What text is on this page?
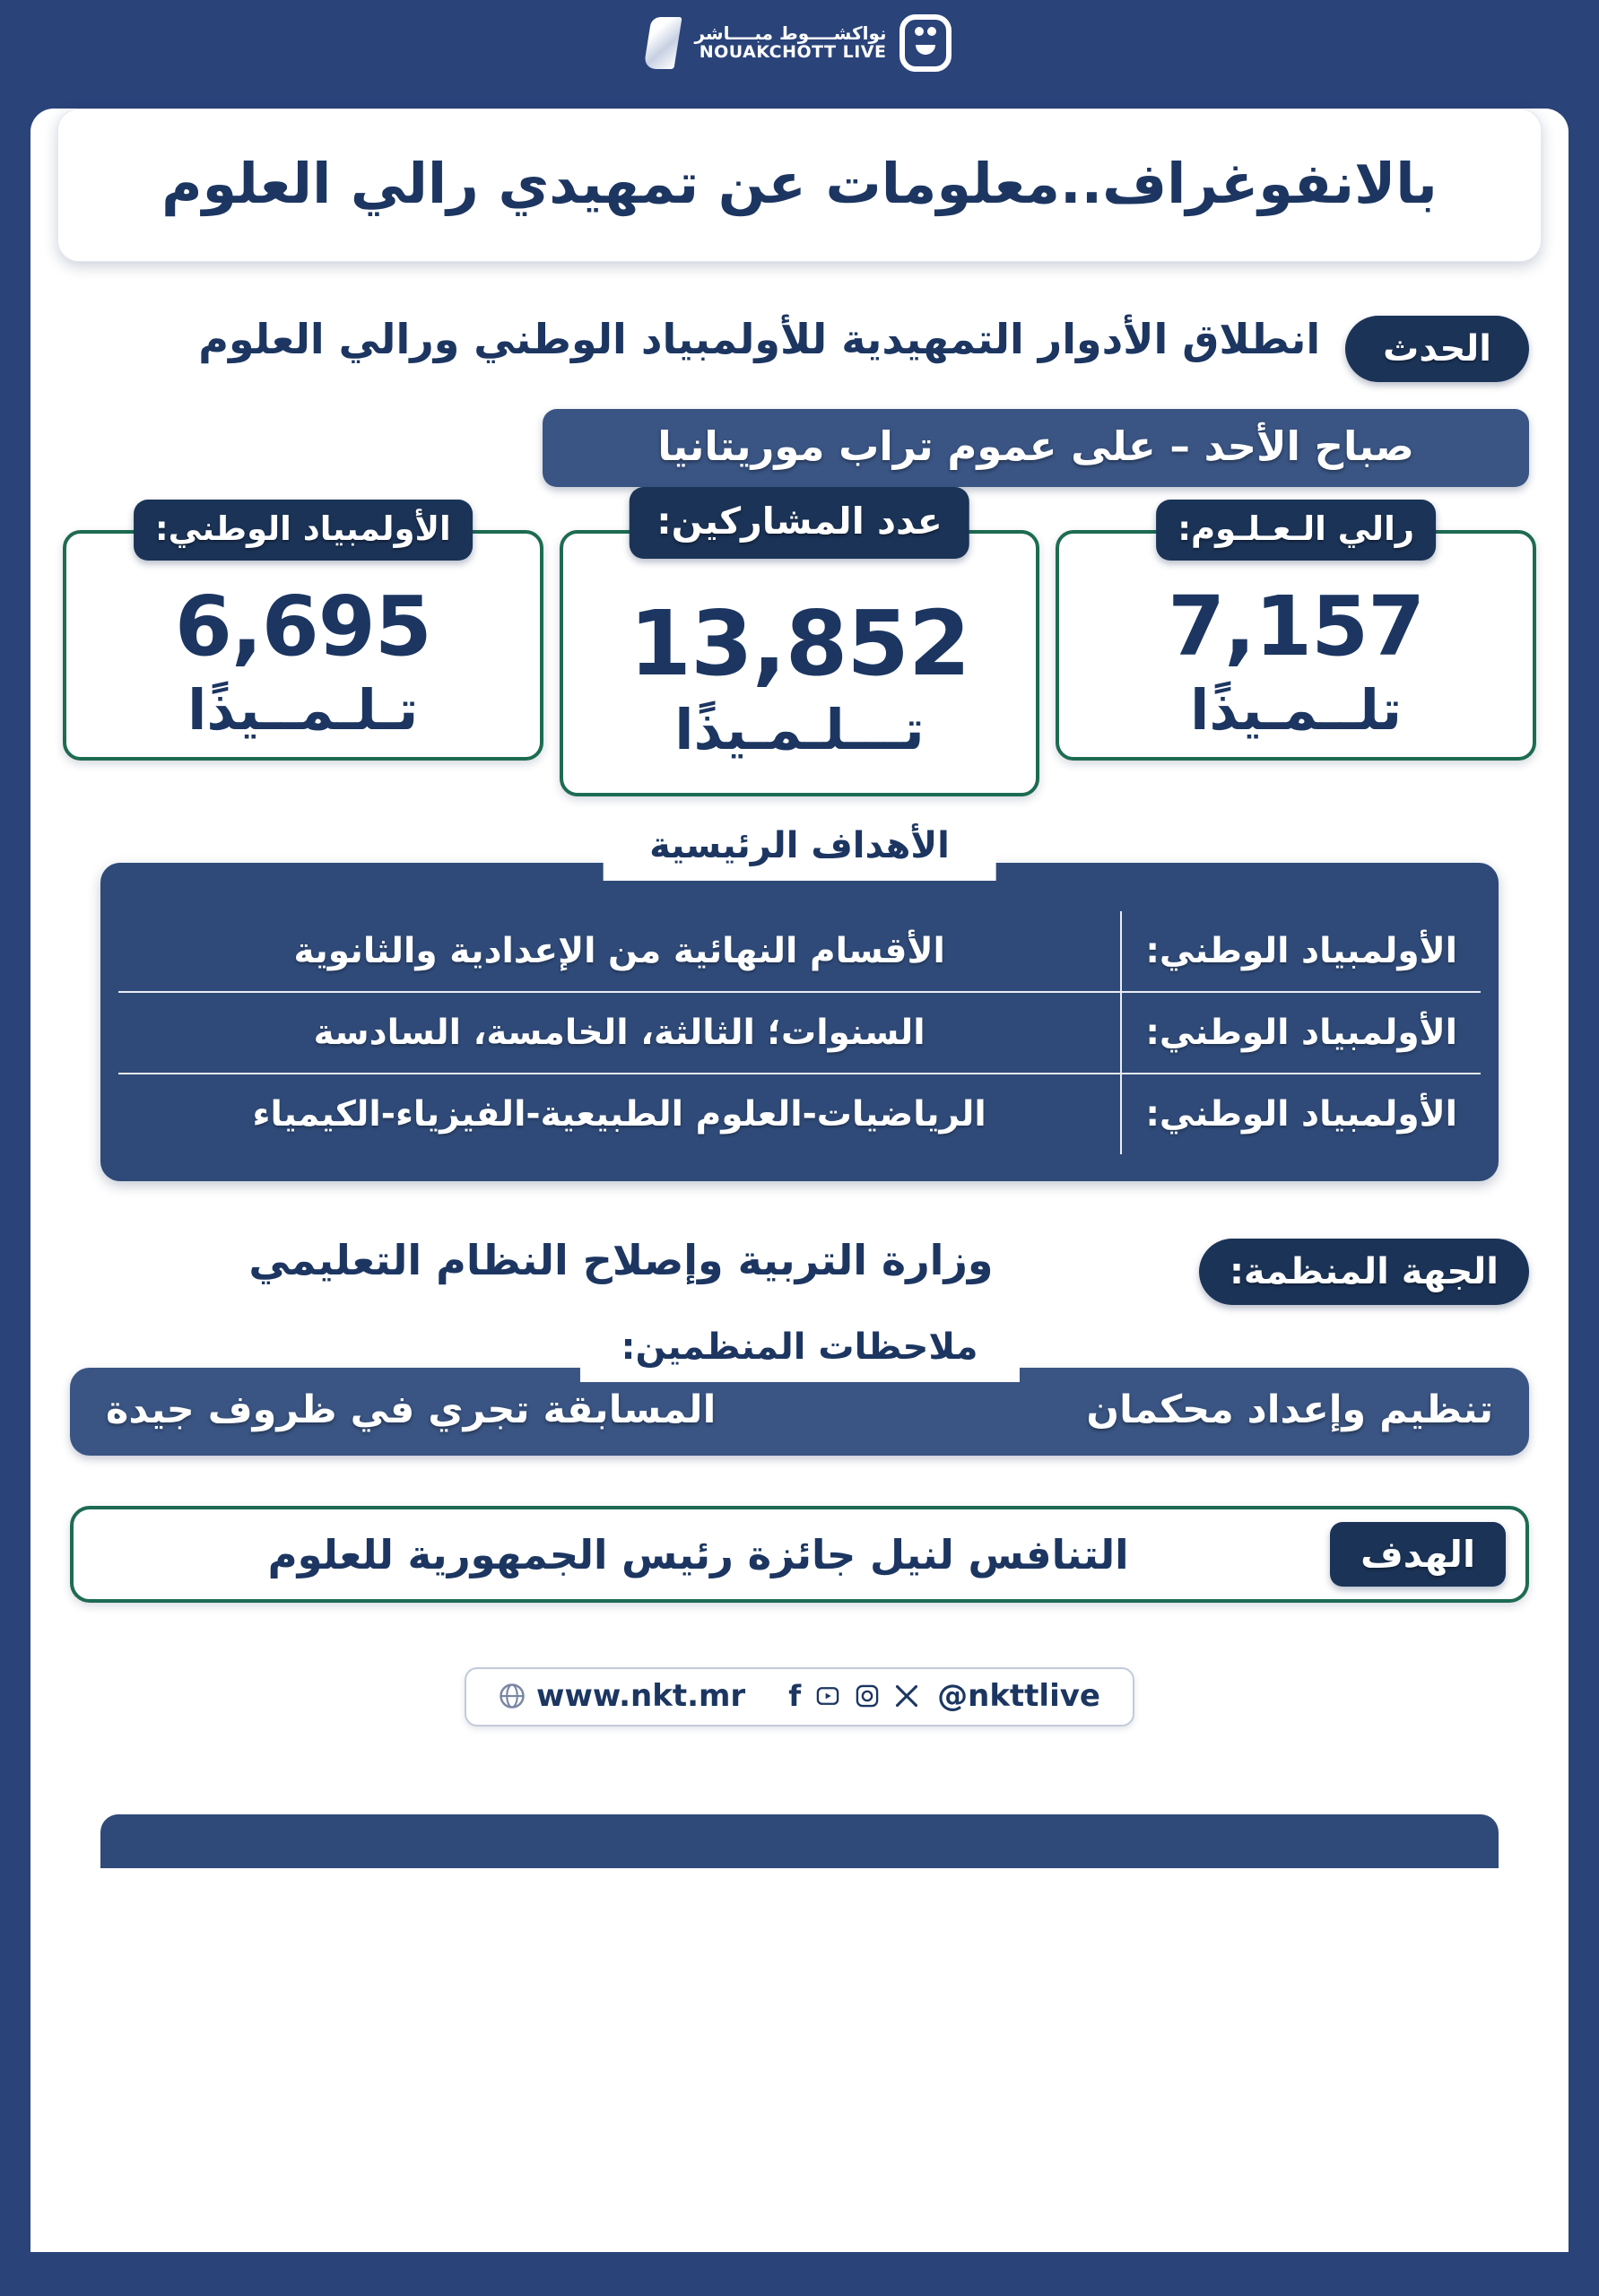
نواكشــــوط مبــــاشر
NOUAKCHOTT LIVE
بالانفوغراف..معلومات عن تمهيدي رالي العلوم
الحدث
انطلاق الأدوار التمهيدية للأولمبياد الوطني ورالي العلوم
صباح الأحد – على عموم تراب موريتانيا
رالي الـعـلـوم:
7,157
تلــمـيذًا
عدد المشاركين:
13,852
تـــلـمـيذًا
الأولمبياد الوطني:
6,695
تـلـمــيذًا
الأهداف الرئيسية
الأولمبياد الوطني:	الأقسام النهائية من الإعدادية والثانوية
الأولمبياد الوطني:	السنوات؛ الثالثة، الخامسة، السادسة
الأولمبياد الوطني:	الرياضيات-العلوم الطبيعية-الفيزياء-الكيمياء
الجهة المنظمة:
وزارة التربية وإصلاح النظام التعليمي
ملاحظات المنظمين:
تنظيم وإعداد محكمان
المسابقة تجري في ظروف جيدة
الهدف
التنافس لنيل جائزة رئيس الجمهورية للعلوم
www.nkt.mr f	@nkttlive
